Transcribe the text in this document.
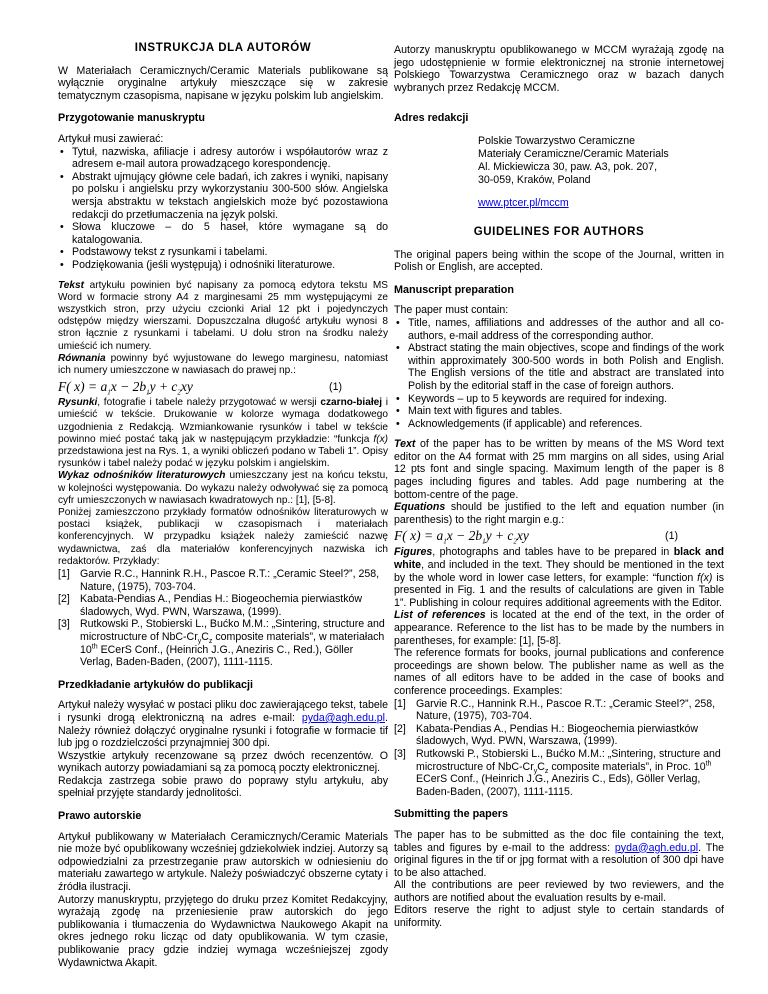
INSTRUKCJA DLA AUTORÓW

W Materiałach Ceramicznych/Ceramic Materials publikowane są wyłącznie oryginalne artykuły mieszczące się w zakresie tematycznym czasopisma, napisane w języku polskim lub angielskim.

Przygotowanie manuskryptu

Artykuł musi zawierać:

• Tytuł, nazwiska, afiliacje i adresy autorów i współautorów wraz z adresem e-mail autora prowadzącego korespondencję.
• Abstrakt ujmujący główne cele badań, ich zakres i wyniki, napisany po polsku i angielsku przy wykorzystaniu 300-500 słów. Angielska wersja abstraktu w tekstach angielskich może być pozostawiona redakcji do przetłumaczenia na język polski.
• Słowa kluczowe – do 5 haseł, które wymagane są do katalogowania.
• Podstawowy tekst z rysunkami i tabelami.
• Podziękowania (jeśli występują) i odnośniki literaturowe.

Tekst artykułu powinien być napisany za pomocą edytora tekstu MS Word w formacie strony A4 z marginesami 25 mm występującymi ze wszystkich stron, przy użyciu czcionki Arial 12 pkt i pojedynczych odstępów między wierszami. Dopuszczalna długość artykułu wynosi 8 stron łącznie z rysunkami i tabelami. U dołu stron na środku należy umieścić ich numery.

Równania powinny być wyjustowane do lewego marginesu, natomiast ich numery umieszczone w nawiasach do prawej np.:

F( $x) = a_1x - 2b_1y + c_2xy$	(1)

Rysunki, fotografie i tabele należy przygotować w wersji czarno-białej i umieścić w tekście. Drukowanie w kolorze wymaga dodatkowego uzgodnienia z Redakcją. Wzmiankowanie rysunków i tabel w tekście powinno mieć postać taką jak w następującym przykładzie: “funkcja f(x) przedstawiona jest na Rys. 1, a wyniki obliczeń podano w Tabeli 1”. Opisy rysunków i tabel należy podać w języku polskim i angielskim.

Wykaz odnośników literaturowych umieszczany jest na końcu tekstu, w kolejności występowania. Do wykazu należy odwoływać się za pomocą cyfr umieszczonych w nawiasach kwadratowych np.: [1], [5-8].

Poniżej zamieszczono przykłady formatów odnośników literaturowych w postaci książek, publikacji w czasopismach i materiałach konferencyjnych. W przypadku książek należy zamieścić nazwę wydawnictwa, zaś dla materiałów konferencyjnych nazwiska ich redaktorów. Przykłady:

[1] Garvie R.C., Hannink R.H., Pascoe R.T.: „Ceramic Steel?”, 258, Nature, (1975), 703-704.
[2] Kabata-Pendias A., Pendias H.: Biogeochemia pierwiastków śladowych, Wyd. PWN, Warszawa, (1999).
[3] Rutkowski P., Stobierski L., Bućko M.M.: „Sintering, structure and microstructure of NbC-$Cr_yC_z$ composite materials”, w materiałach 10th ECerS Conf., (Heinrich J.G., Aneziris C., Red.), Göller Verlag, Baden-Baden, (2007), 1111-1115.
Przedkładanie artykułów do publikacji

Artykuł należy wysyłać w postaci pliku doc zawierającego tekst, tabele i rysunki drogą elektroniczną na adres e-mail: pyda@agh.edu.pl. Należy również dołączyć oryginalne rysunki i fotografie w formacie tif lub jpg o rozdzielczości przynajmniej 300 dpi.

Wszystkie artykuły recenzowane są przez dwóch recenzentów. O wynikach autorzy powiadamiani są za pomocą poczty elektronicznej.

Redakcja zastrzega sobie prawo do poprawy stylu artykułu, aby spełniał przyjęte standardy jednolitości.

Prawo autorskie

Artykuł publikowany w Materiałach Ceramicznych/Ceramic Materials nie może być opublikowany wcześniej gdziekolwiek indziej. Autorzy są odpowiedzialni za przestrzeganie praw autorskich w odniesieniu do materiału zawartego w artykule. Należy poświadczyć obszerne cytaty i źródła ilustracji.

Autorzy manuskryptu, przyjętego do druku przez Komitet Redakcyjny, wyrażają zgodę na przeniesienie praw autorskich do jego publikowania i tłumaczenia do Wydawnictwa Naukowego Akapit na okres jednego roku licząc od daty opublikowania. W tym czasie, publikowanie pracy gdzie indziej wymaga wcześniejszej zgody Wydawnictwa Akapit.

Autorzy manuskryptu opublikowanego w MCCM wyrażają zgodę na jego udostępnienie w formie elektronicznej na stronie internetowej Polskiego Towarzystwa Ceramicznego oraz w bazach danych wybranych przez Redakcję MCCM.

Adres redakcji
Polskie Towarzystwo Ceramiczne
Materiały Ceramiczne/Ceramic Materials
Al. Mickiewicza 30, paw. A3, pok. 207,
30-059, Kraków, Poland
www.ptcer.pl/mccm
GUIDELINES FOR AUTHORS

The original papers being within the scope of the Journal, written in Polish or English, are accepted.

Manuscript preparation

The paper must contain:

• Title, names, affiliations and addresses of the author and all co-authors, e-mail address of the corresponding author.
• Abstract stating the main objectives, scope and findings of the work within approximately 300-500 words in both Polish and English. The English versions of the title and abstract are translated into Polish by the editorial staff in the case of foreign authors.
• Keywords – up to 5 keywords are required for indexing.
• Main text with figures and tables.
• Acknowledgements (if applicable) and references.

Text of the paper has to be written by means of the MS Word text editor on the A4 format with 25 mm margins on all sides, using Arial 12 pts font and single spacing. Maximum length of the paper is 8 pages including figures and tables. Add page numbering at the bottom-centre of the page.

Equations should be justified to the left and equation number (in parenthesis) to the right margin e.g.:

F( $x) = a_1x - 2b_1y + c_2xy$	(1)

Figures, photographs and tables have to be prepared in black and white, and included in the text. They should be mentioned in the text by the whole word in lower case letters, for example: “function f(x) is presented in Fig. 1 and the results of calculations are given in Table 1”. Publishing in colour requires additional agreements with the Editor.

List of references is located at the end of the text, in the order of appearance. Reference to the list has to be made by the numbers in parentheses, for example: [1], [5-8].

The reference formats for books, journal publications and conference proceedings are shown below. The publisher name as well as the names of all editors have to be added in the case of books and conference proceedings. Examples:

[1] Garvie R.C., Hannink R.H., Pascoe R.T.: „Ceramic Steel?”, 258, Nature, (1975), 703-704.
[2] Kabata-Pendias A., Pendias H.: Biogeochemia pierwiastków śladowych, Wyd. PWN, Warszawa, (1999).
[3] Rutkowski P., Stobierski L., Bućko M.M.: „Sintering, structure and microstructure of NbC-$Cr_yC_z$ composite materials”, in Proc. 10th ECerS Conf., (Heinrich J.G., Aneziris C., Eds), Göller Verlag, Baden-Baden, (2007), 1111-1115.
Submitting the papers

The paper has to be submitted as the doc file containing the text, tables and figures by e-mail to the address: pyda@agh.edu.pl. The original figures in the tif or jpg format with a resolution of 300 dpi have to be also attached.

All the contributions are peer reviewed by two reviewers, and the authors are notified about the evaluation results by e-mail.

Editors reserve the right to adjust style to certain standards of uniformity.
